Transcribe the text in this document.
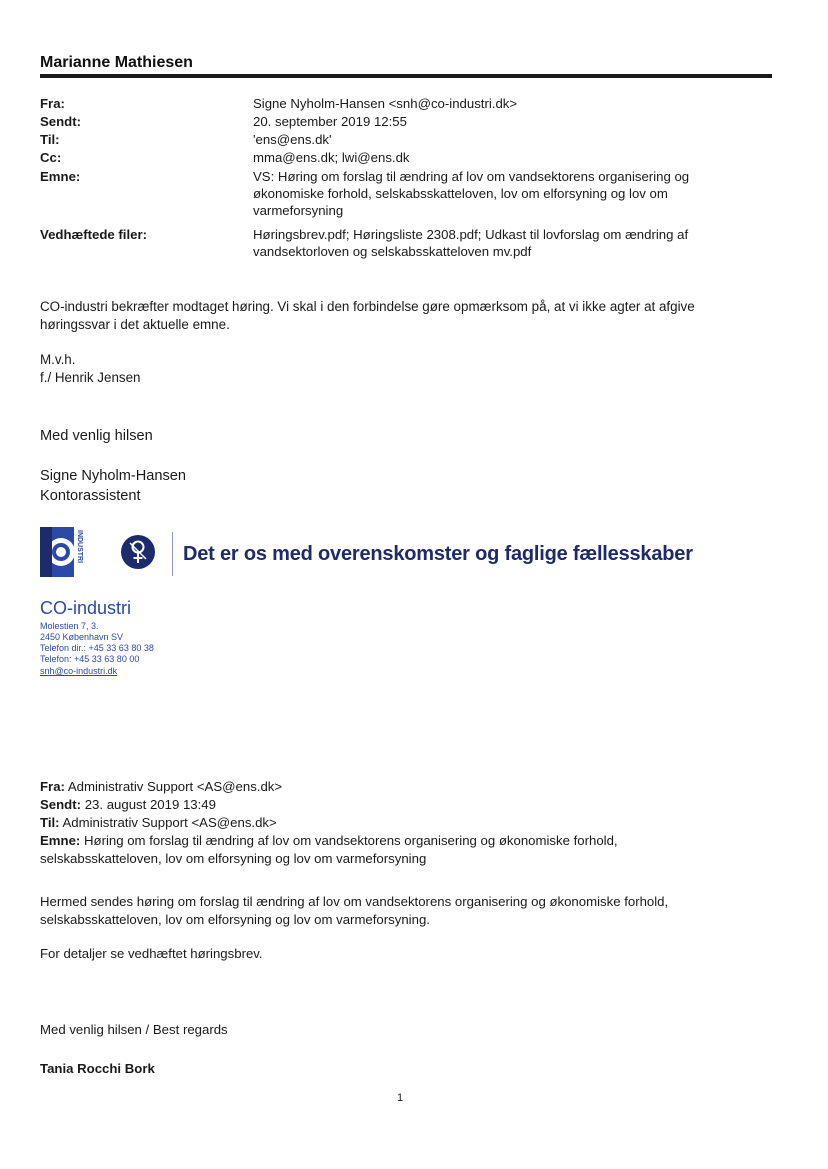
Marianne Mathiesen
Fra:	Signe Nyholm-Hansen <snh@co-industri.dk>
Sendt:	20. september 2019 12:55
Til:	'ens@ens.dk'
Cc:	mma@ens.dk; lwi@ens.dk
Emne:	VS: Høring om forslag til ændring af lov om vandsektorens organisering og
økonomiske forhold, selskabsskatteloven, lov om elforsyning og lov om
varmeforsyning
Vedhæftede filer:	Høringsbrev.pdf; Høringsliste 2308.pdf; Udkast til lovforslag om ændring af
vandsektorloven og selskabsskatteloven mv.pdf
CO-industri bekræfter modtaget høring. Vi skal i den forbindelse gøre opmærksom på, at vi ikke agter at afgive
høringssvar i det aktuelle emne.
M.v.h.
f./ Henrik Jensen
Med venlig hilsen
Signe Nyholm-Hansen
Kontorassistent
INDUSTRI	Det er os med overenskomster og faglige fællesskaber
CO-industri
Molestien 7, 3.
2450 København SV
Telefon dir.: +45 33 63 80 38
Telefon: +45 33 63 80 00
snh@co-industri.dk
Fra: Administrativ Support <AS@ens.dk>
Sendt: 23. august 2019 13:49
Til: Administrativ Support <AS@ens.dk>
Emne: Høring om forslag til ændring af lov om vandsektorens organisering og økonomiske forhold,
selskabsskatteloven, lov om elforsyning og lov om varmeforsyning
Hermed sendes høring om forslag til ændring af lov om vandsektorens organisering og økonomiske forhold,
selskabsskatteloven, lov om elforsyning og lov om varmeforsyning.
For detaljer se vedhæftet høringsbrev.
Med venlig hilsen / Best regards
Tania Rocchi Bork
1
